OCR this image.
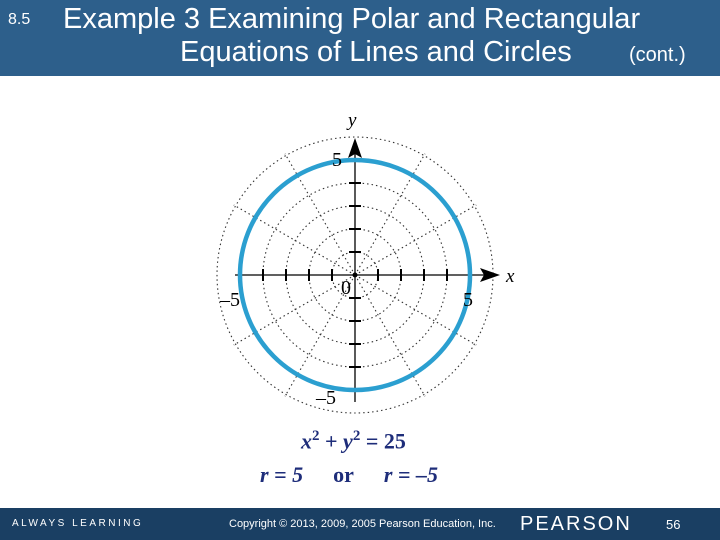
8.5 Example 3 Examining Polar and Rectangular
Equations of Lines and Circles	(cont.)
y
x
5
–5
5
–5
0
$x^2 + y^2 = 25$
r = 5 or r = –5
ALWAYS LEARNING	Copyright © 2013, 2009, 2005 Pearson Education, Inc. PEARSON	56
